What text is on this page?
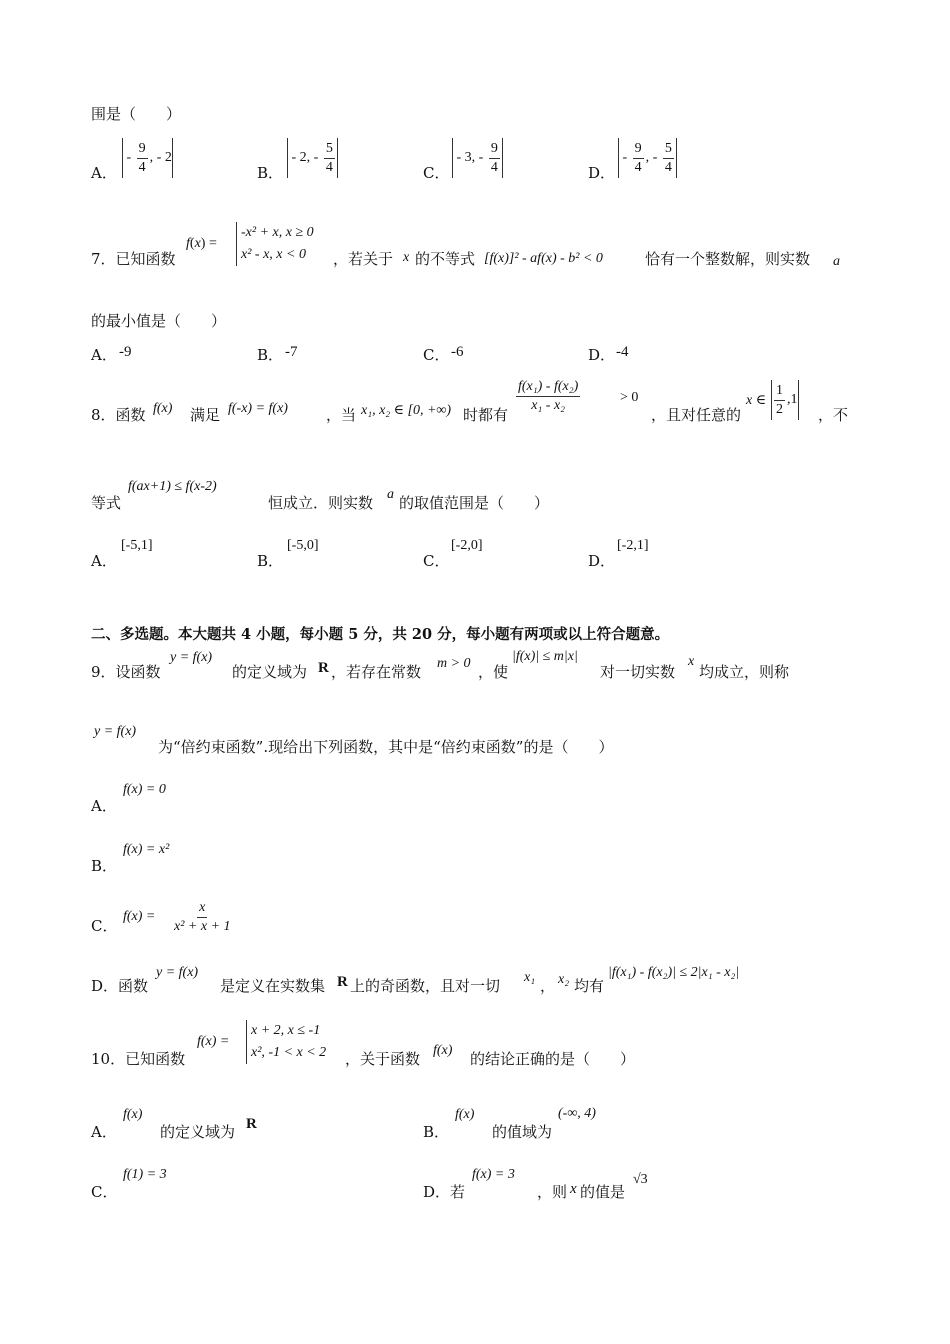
围是（　　）
A．
- $\frac{9}{4}$ , - 2
B．
- 2, - $\frac{5}{4}$	C．
- 3, - $\frac{9}{4}$	D．
- $\frac{9}{4}$ , - $\frac{5}{4}$
7．已知函数
f(x) =
-x² + x, x ≥ 0
x² - x, x < 0	，若关于 x 的不等式 [f(x)]² - af(x) - b² < 0	恰有一个整数解，则实数 a
的最小值是（　　）
A． -9	B． -7	C． -6	D． -4
8．函数 f(x) 满足 f(-x) = f(x)	，当 x₁, x₂ ∈ [0, +∞) 时都有 $\frac{\text{f(x₁) - f(x₂)}}{\text{x₁ - x₂}}$	> 0
，且对任意的
x ∈ $\frac{1}{2} ,1$
，不
等式
f(ax+1) ≤ f(x-2)
恒成立．则实数 a 的取值范围是（　　）
A．
[-5,1]
B．
[-5,0]
C．
[-2,0]
D．
[-2,1]
二、多选题。本大题共 4 小题，每小题 5 分，共 20 分，每小题有两项或以上符合题意。
9．设函数
y = f(x)
的定义域为 R ，若存在常数 m > 0 ，使
|f(x)| ≤ m|x|
对一切实数
x
均成立，则称
y = f(x)
为“倍约束函数”.现给出下列函数，其中是“倍约束函数”的是（　　）
A．
f(x) = 0
B．
f(x) = x²
C．
$f(x) = \frac{x}{\text{x² + x + 1}}$
D．函数
y = f(x)
是定义在实数集 R 上的奇函数，且对一切 x₁ ， x₂ 均有
|f(x₁) - f(x₂)| ≤ 2|x₁ - x₂|
10．已知函数
f(x) =
x + 2, x ≤ -1
x², -1 < x < 2 ，关于函数 f(x) 的结论正确的是（　　）
A．
f(x)
的定义域为 R	B．
f(x)
的值域为
(-∞, 4)
C．
f(1) = 3
D．若
f(x) = 3
，则 x 的值是
√3
